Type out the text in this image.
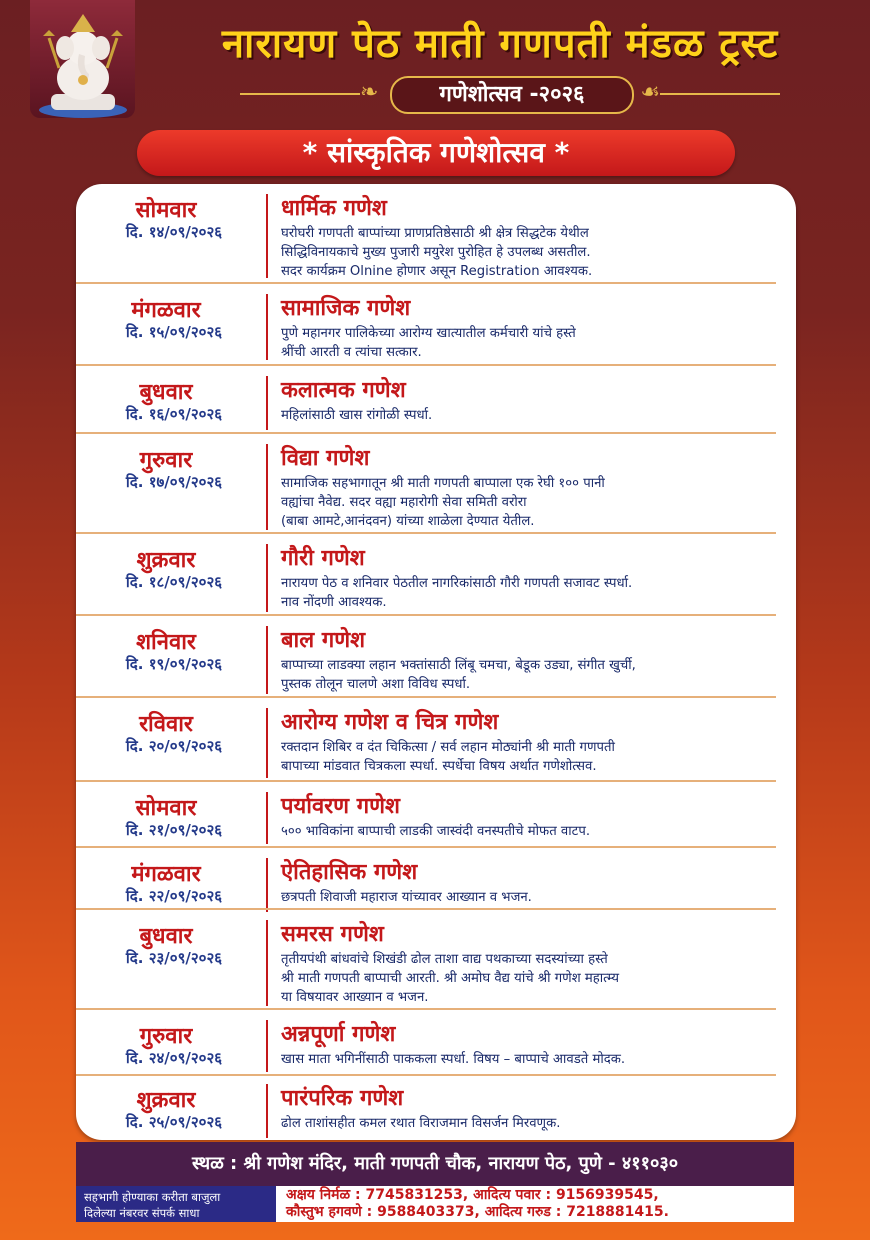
नारायण पेठ माती गणपती मंडळ ट्रस्ट
❧	गणेशोत्सव -२०२६	☙
* सांस्कृतिक गणेशोत्सव *
सोमवार
दि. १४/०९/२०२६
धार्मिक गणेश
घरोघरी गणपती बाप्पांच्या प्राणप्रतिष्ठेसाठी श्री क्षेत्र सिद्धटेक येथील
सिद्धिविनायकाचे मुख्य पुजारी मयुरेश पुरोहित हे उपलब्ध असतील.
सदर कार्यक्रम Olnine होणार असून Registration आवश्यक.
मंगळवार
दि. १५/०९/२०२६
सामाजिक गणेश
पुणे महानगर पालिकेच्या आरोग्य खात्यातील कर्मचारी यांचे हस्ते
श्रींची आरती व त्यांचा सत्कार.
बुधवार
दि. १६/०९/२०२६
कलात्मक गणेश
महिलांसाठी खास रांगोळी स्पर्धा.
गुरुवार
दि. १७/०९/२०२६
विद्या गणेश
सामाजिक सहभागातून श्री माती गणपती बाप्पाला एक रेघी १०० पानी
वह्यांचा नैवेद्य. सदर वह्या महारोगी सेवा समिती वरोरा
(बाबा आमटे,आनंदवन) यांच्या शाळेला देण्यात येतील.
शुक्रवार
दि. १८/०९/२०२६
गौरी गणेश
नारायण पेठ व शनिवार पेठतील नागरिकांसाठी गौरी गणपती सजावट स्पर्धा.
नाव नोंदणी आवश्यक.
शनिवार
दि. १९/०९/२०२६
बाल गणेश
बाप्पाच्या लाडक्या लहान भक्तांसाठी लिंबू चमचा, बेडूक उड्या, संगीत खुर्ची,
पुस्तक तोलून चालणे अशा विविध स्पर्धा.
रविवार
दि. २०/०९/२०२६
आरोग्य गणेश व चित्र गणेश
रक्तदान शिबिर व दंत चिकित्सा / सर्व लहान मोठ्यांनी श्री माती गणपती
बापाच्या मांडवात चित्रकला स्पर्धा. स्पर्धेचा विषय अर्थात गणेशोत्सव.
सोमवार
दि. २१/०९/२०२६
पर्यावरण गणेश
५०० भाविकांना बाप्पाची लाडकी जास्वंदी वनस्पतीचे मोफत वाटप.
मंगळवार
दि. २२/०९/२०२६
ऐतिहासिक गणेश
छत्रपती शिवाजी महाराज यांच्यावर आख्यान व भजन.
बुधवार
दि. २३/०९/२०२६
समरस गणेश
तृतीयपंथी बांधवांचे शिखंडी ढोल ताशा वाद्य पथकाच्या सदस्यांच्या हस्ते
श्री माती गणपती बाप्पाची आरती. श्री अमोघ वैद्य यांचे श्री गणेश महात्म्य
या विषयावर आख्यान व भजन.
गुरुवार
दि. २४/०९/२०२६
अन्नपूर्णा गणेश
खास माता भगिनींसाठी पाककला स्पर्धा. विषय – बाप्पाचे आवडते मोदक.
शुक्रवार
दि. २५/०९/२०२६
पारंपरिक गणेश
ढोल ताशांसहीत कमल रथात विराजमान विसर्जन मिरवणूक.
स्थळ : श्री गणेश मंदिर, माती गणपती चौक, नारायण पेठ, पुणे - ४११०३०
सहभागी होण्याका करीता बाजुला
दिलेल्या नंबरवर संपर्क साधा
अक्षय निर्मळ : 7745831253, आदित्य पवार : 9156939545,
कौस्तुभ हगवणे : 9588403373, आदित्य गरुड : 7218881415.
